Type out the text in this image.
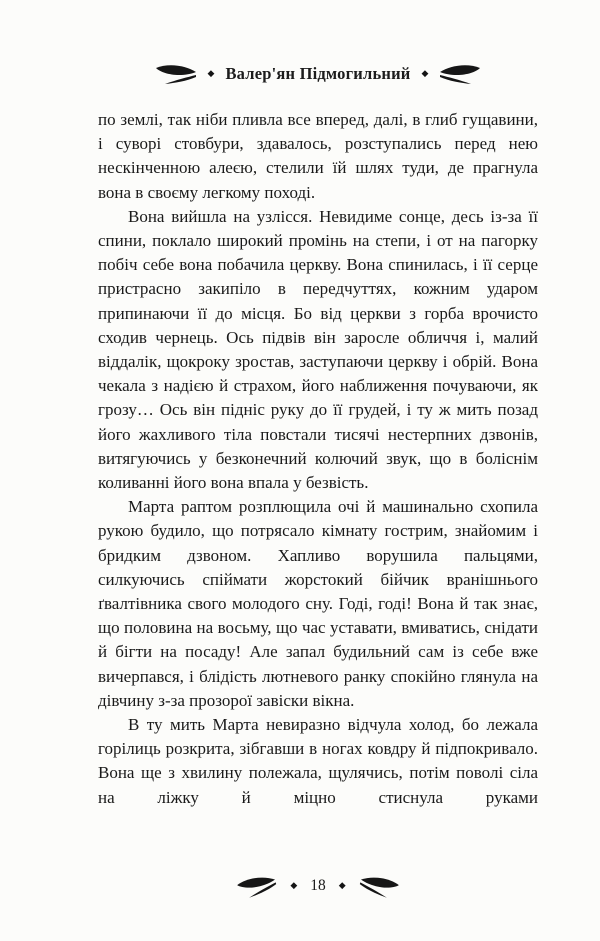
◆ Валер'ян Підмогильний ◆

по землі, так ніби пливла все вперед, далі, в глиб гущавини, і суворі стовбури, здавалось, розступались перед нею нескінченною алеєю, стелили їй шлях туди, де прагнула вона в своєму легкому поході.

Вона вийшла на узлісся. Невидиме сонце, десь із-за її спини, поклало широкий промінь на степи, і от на пагорку побіч себе вона побачила церкву. Вона спинилась, і її серце пристрасно закипіло в передчуттях, кожним ударом припинаючи її до місця. Бо від церкви з горба врочисто сходив чернець. Ось підвів він заросле обличчя і, малий віддалік, щокроку зростав, заступаючи церкву і обрій. Вона чекала з надією й страхом, його наближення почуваючи, як грозу… Ось він підніс руку до її грудей, і ту ж мить позад його жахливого тіла повстали тисячі нестерпних дзвонів, витягуючись у безконечний колючий звук, що в боліснім коливанні його вона впала у безвість.

Марта раптом розплющила очі й машинально схопила рукою будило, що потрясало кімнату гострим, знайомим і бридким дзвоном. Хапливо ворушила пальцями, силкуючись спіймати жорстокий бійчик вранішнього ґвалтівника свого молодого сну. Годі, годі! Вона й так знає, що половина на восьму, що час уставати, вмиватись, снідати й бігти на посаду! Але запал будильний сам із себе вже вичерпався, і блідість лютневого ранку спокійно глянула на дівчину з-за прозорої завіски вікна.

В ту мить Марта невиразно відчула холод, бо лежала горілиць розкрита, зібгавши в ногах ковдру й підпокривало. Вона ще з хвилину полежала, щулячись, потім поволі сіла на ліжку й міцно стиснула руками

◆ 18 ◆
